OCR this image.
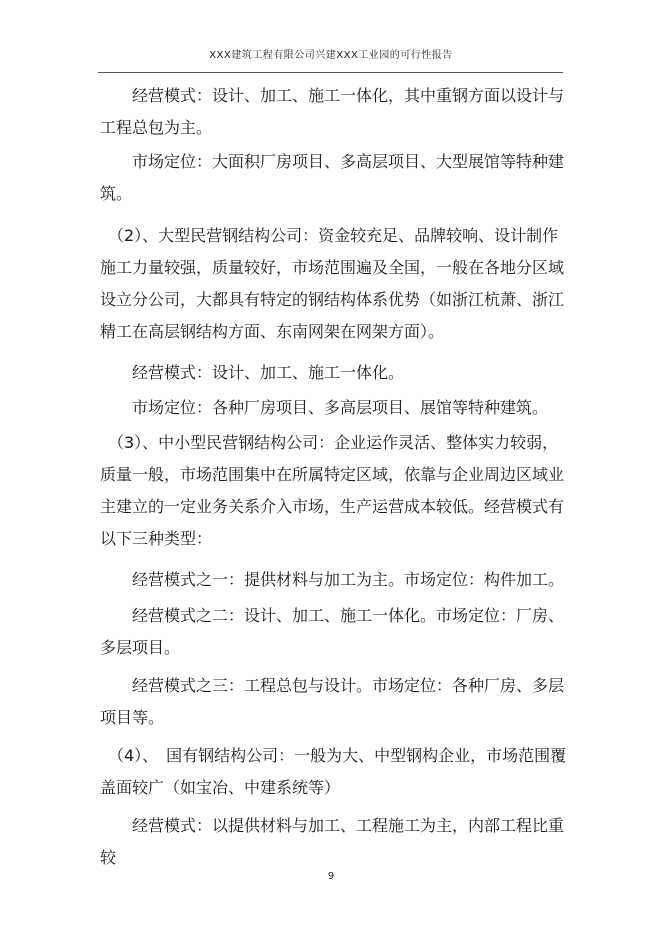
XXX建筑工程有限公司兴建XXX工业园的可行性报告

　　经营模式：设计、加工、施工一体化，其中重钢方面以设计与工程总包为主。

　　市场定位：大面积厂房项目、多高层项目、大型展馆等特种建筑。

　（2）、大型民营钢结构公司：资金较充足、品牌较响、设计制作施工力量较强，质量较好，市场范围遍及全国，一般在各地分区域设立分公司，大都具有特定的钢结构体系优势（如浙江杭萧、浙江精工在高层钢结构方面、东南网架在网架方面）。

　　经营模式：设计、加工、施工一体化。

　　市场定位：各种厂房项目、多高层项目、展馆等特种建筑。

　（3）、中小型民营钢结构公司：企业运作灵活、整体实力较弱，质量一般，市场范围集中在所属特定区域，依靠与企业周边区域业主建立的一定业务关系介入市场，生产运营成本较低。经营模式有以下三种类型：

　　经营模式之一：提供材料与加工为主。市场定位：构件加工。

　　经营模式之二：设计、加工、施工一体化。市场定位：厂房、多层项目。

　　经营模式之三：工程总包与设计。市场定位：各种厂房、多层项目等。

　（4）、　国有钢结构公司：一般为大、中型钢构企业，市场范围覆盖面较广（如宝冶、中建系统等）

　　经营模式：以提供材料与加工、工程施工为主，内部工程比重较

9
